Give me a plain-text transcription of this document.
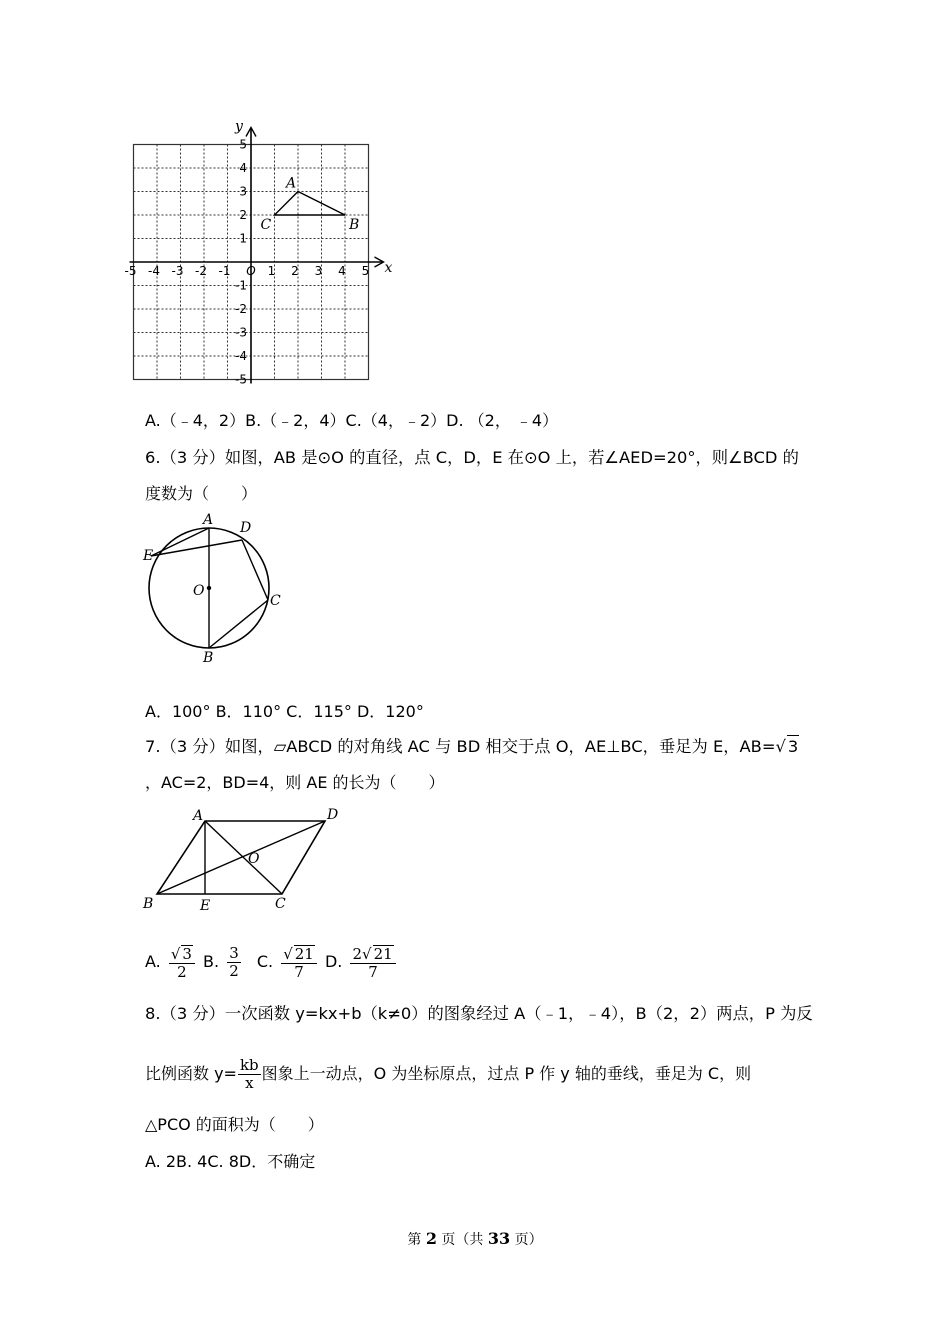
x
y
-5 -4 -3 -2 -1 O 1 2 3 4 5
5
4
3
2
1
-1
-2
-3
-4
-5
A
B
C
A.（﹣4，2）B.（﹣2，4）C.（4，﹣2）D. （2， ﹣4）
6.（3 分）如图，AB 是⊙O 的直径，点 C，D，E 在⊙O 上，若∠AED=20°，则∠BCD 的
度数为（　　）
A
B
C
D
E
O
A．100° B．110° C．115° D．120°
7.（3 分）如图，▱ABCD 的对角线 AC 与 BD 相交于点 O，AE⊥BC，垂足为 E，AB=√ 3
，AC=2，BD=4，则 AE 的长为（　　）
A	D
O
B	E	C
A. $\frac{√ 3}{2} B$. $\frac{3}{2} C$. $\frac{√ 21}{7} D$. $\frac{2√ 21}{7}$
8.（3 分）一次函数 y=kx+b（k≠0）的图象经过 A（﹣1，﹣4），B（2，2）两点，P 为反
比例函数 $y= \frac{kb}{x}$ 图象上一动点，O 为坐标原点，过点 P 作 y 轴的垂线，垂足为 C，则
△PCO 的面积为（　　）
A. 2B. 4C. 8D．不确定
第 2 页（共 33 页）
